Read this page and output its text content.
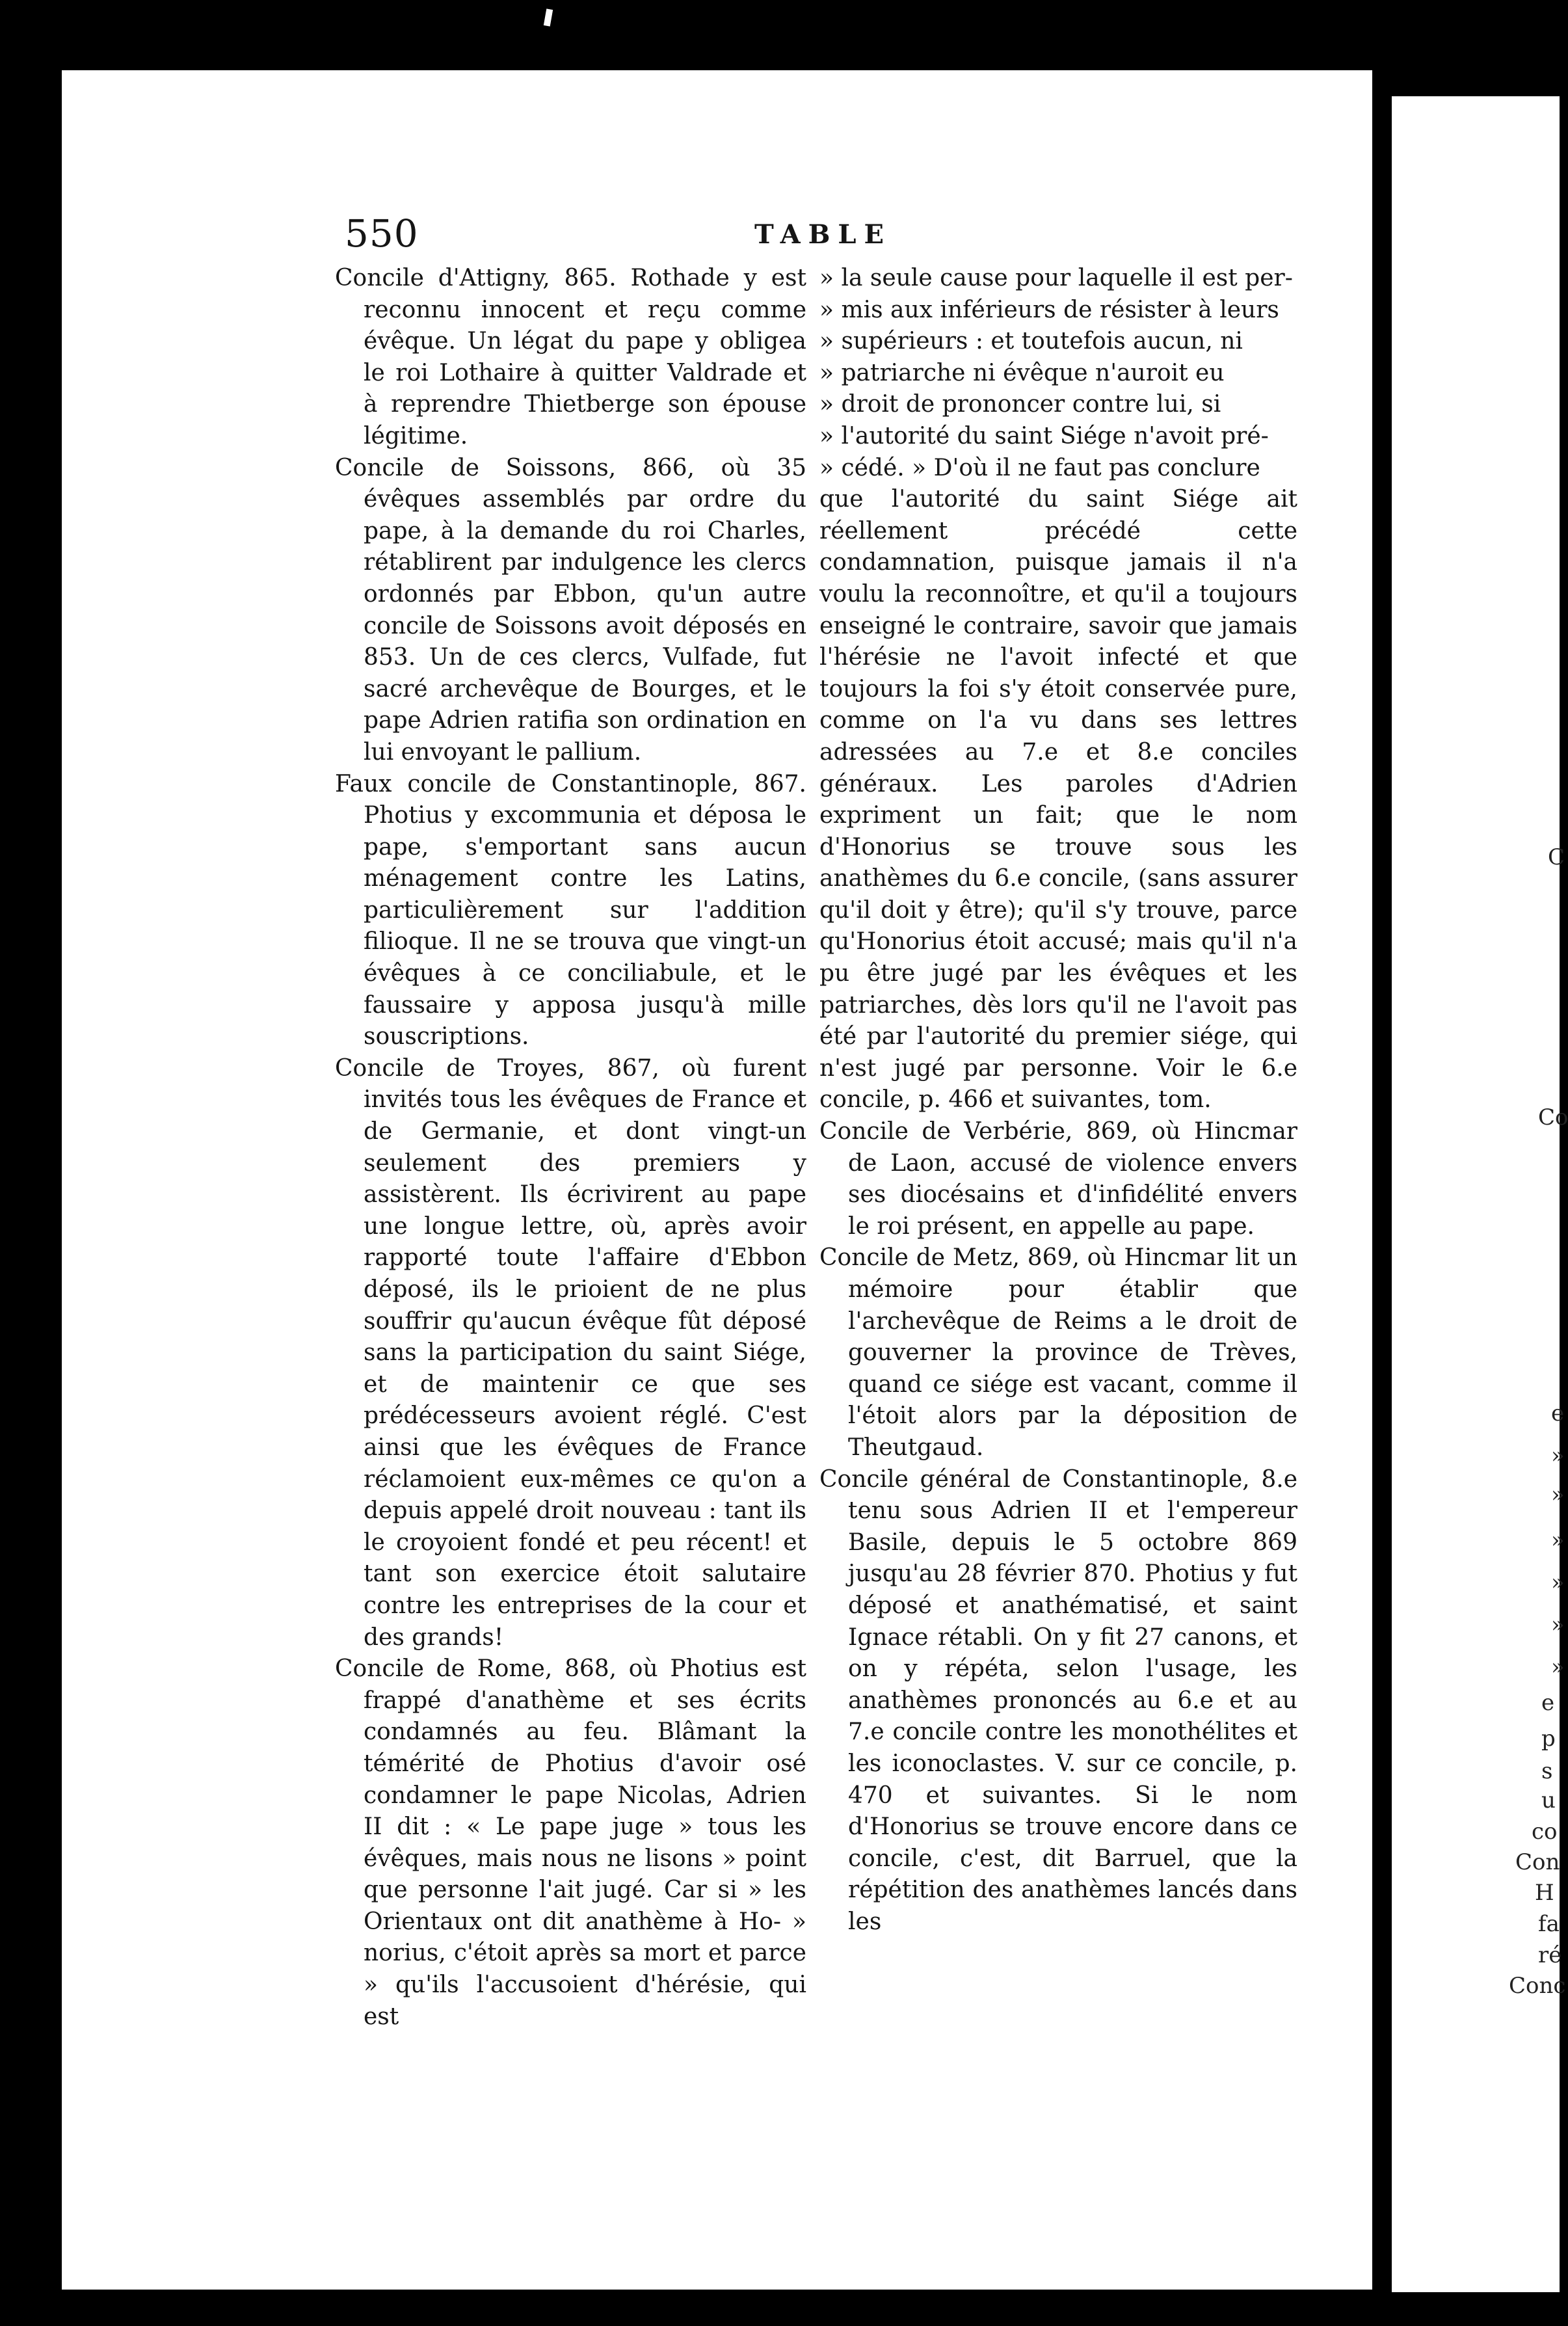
C
Co
e
»
»
»
»
»
»
e
p
s
u
co
Con
H
fa
ré
Conc
550	TABLE

Concile d'Attigny, 865. Rothade y est reconnu innocent et reçu comme évêque. Un légat du pape y obligea le roi Lothaire à quitter Valdrade et à reprendre Thietberge son épouse légitime.

Concile de Soissons, 866, où 35 évêques assemblés par ordre du pape, à la demande du roi Charles, rétablirent par indulgence les clercs ordonnés par Ebbon, qu'un autre concile de Soissons avoit déposés en 853. Un de ces clercs, Vulfade, fut sacré archevêque de Bourges, et le pape Adrien ratifia son ordination en lui envoyant le pallium.

Faux concile de Constantinople, 867. Photius y excommunia et déposa le pape, s'emportant sans aucun ménagement contre les Latins, particulièrement sur l'addition filioque. Il ne se trouva que vingt-un évêques à ce conciliabule, et le faussaire y apposa jusqu'à mille souscriptions.

Concile de Troyes, 867, où furent invités tous les évêques de France et de Germanie, et dont vingt-un seulement des premiers y assistèrent. Ils écrivirent au pape une longue lettre, où, après avoir rapporté toute l'affaire d'Ebbon déposé, ils le prioient de ne plus souffrir qu'aucun évêque fût déposé sans la participation du saint Siége, et de maintenir ce que ses prédécesseurs avoient réglé. C'est ainsi que les évêques de France réclamoient eux-mêmes ce qu'on a depuis appelé droit nouveau : tant ils le croyoient fondé et peu récent! et tant son exercice étoit salutaire contre les entreprises de la cour et des grands!

Concile de Rome, 868, où Photius est frappé d'anathème et ses écrits condamnés au feu. Blâmant la témérité de Photius d'avoir osé condamner le pape Nicolas, Adrien II dit : « Le pape juge » tous les évêques, mais nous ne lisons » point que personne l'ait jugé. Car si » les Orientaux ont dit anathème à Ho- » norius, c'étoit après sa mort et parce » qu'ils l'accusoient d'hérésie, qui est

» la seule cause pour laquelle il est per-

» mis aux inférieurs de résister à leurs

» supérieurs : et toutefois aucun, ni

» patriarche ni évêque n'auroit eu

» droit de prononcer contre lui, si

» l'autorité du saint Siége n'avoit pré-

» cédé. » D'où il ne faut pas conclure

que l'autorité du saint Siége ait réellement précédé cette condamnation, puisque jamais il n'a voulu la reconnoître, et qu'il a toujours enseigné le contraire, savoir que jamais l'hérésie ne l'avoit infecté et que toujours la foi s'y étoit conservée pure, comme on l'a vu dans ses lettres adressées au 7.e et 8.e conciles généraux. Les paroles d'Adrien expriment un fait; que le nom d'Honorius se trouve sous les anathèmes du 6.e concile, (sans assurer qu'il doit y être); qu'il s'y trouve, parce qu'Honorius étoit accusé; mais qu'il n'a pu être jugé par les évêques et les patriarches, dès lors qu'il ne l'avoit pas été par l'autorité du premier siége, qui n'est jugé par personne. Voir le 6.e concile, p. 466 et suivantes, tom.

Concile de Verbérie, 869, où Hincmar de Laon, accusé de violence envers ses diocésains et d'infidélité envers le roi présent, en appelle au pape.

Concile de Metz, 869, où Hincmar lit un mémoire pour établir que l'archevêque de Reims a le droit de gouverner la province de Trèves, quand ce siége est vacant, comme il l'étoit alors par la déposition de Theutgaud.

Concile général de Constantinople, 8.e tenu sous Adrien II et l'empereur Basile, depuis le 5 octobre 869 jusqu'au 28 février 870. Photius y fut déposé et anathématisé, et saint Ignace rétabli. On y fit 27 canons, et on y répéta, selon l'usage, les anathèmes prononcés au 6.e et au 7.e concile contre les monothélites et les iconoclastes. V. sur ce concile, p. 470 et suivantes. Si le nom d'Honorius se trouve encore dans ce concile, c'est, dit Barruel, que la répétition des anathèmes lancés dans les
